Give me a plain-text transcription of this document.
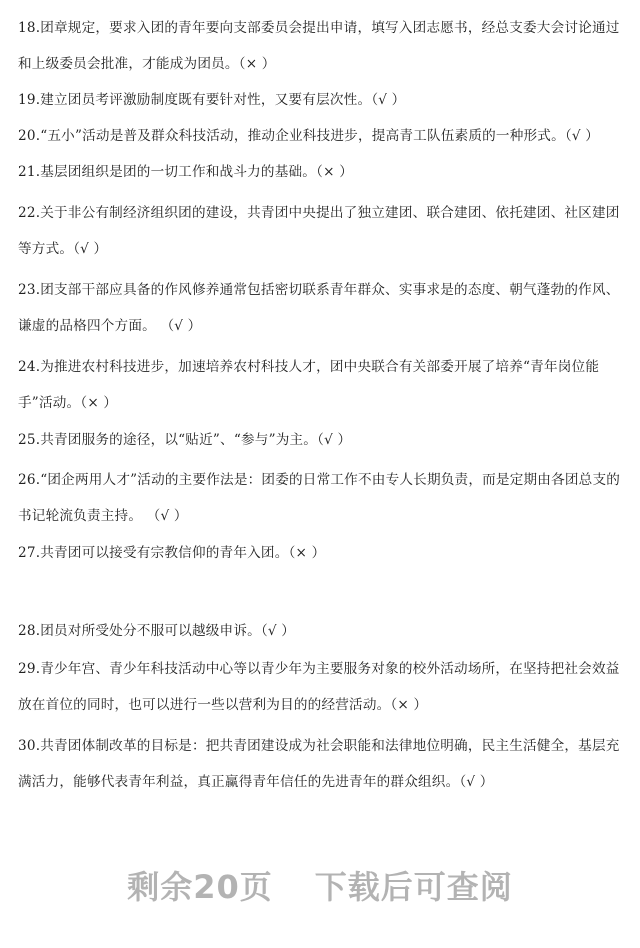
18.团章规定，要求入团的青年要向支部委员会提出申请，填写入团志愿书，经总支委大会讨论通过和上级委员会批准，才能成为团员。（× ）
19.建立团员考评激励制度既有要针对性，又要有层次性。（√ ）
20.“五小”活动是普及群众科技活动，推动企业科技进步，提高青工队伍素质的一种形式。（√ ）
21.基层团组织是团的一切工作和战斗力的基础。（× ）
22.关于非公有制经济组织团的建设，共青团中央提出了独立建团、联合建团、依托建团、社区建团等方式。（√ ）
23.团支部干部应具备的作风修养通常包括密切联系青年群众、实事求是的态度、朝气蓬勃的作风、谦虚的品格四个方面。 （√ ）
24.为推进农村科技进步，加速培养农村科技人才，团中央联合有关部委开展了培养“青年岗位能手”活动。（× ）
25.共青团服务的途径，以“贴近”、“参与”为主。（√ ）
26.“团企两用人才”活动的主要作法是：团委的日常工作不由专人长期负责，而是定期由各团总支的书记轮流负责主持。 （√ ）
27.共青团可以接受有宗教信仰的青年入团。（× ）
28.团员对所受处分不服可以越级申诉。（√ ）
29.青少年宫、青少年科技活动中心等以青少年为主要服务对象的校外活动场所，在坚持把社会效益放在首位的同时，也可以进行一些以营利为目的的经营活动。（× ）
30.共青团体制改革的目标是：把共青团建设成为社会职能和法律地位明确，民主生活健全，基层充满活力，能够代表青年利益，真正赢得青年信任的先进青年的群众组织。（√ ）
剩余20页 下载后可查阅
